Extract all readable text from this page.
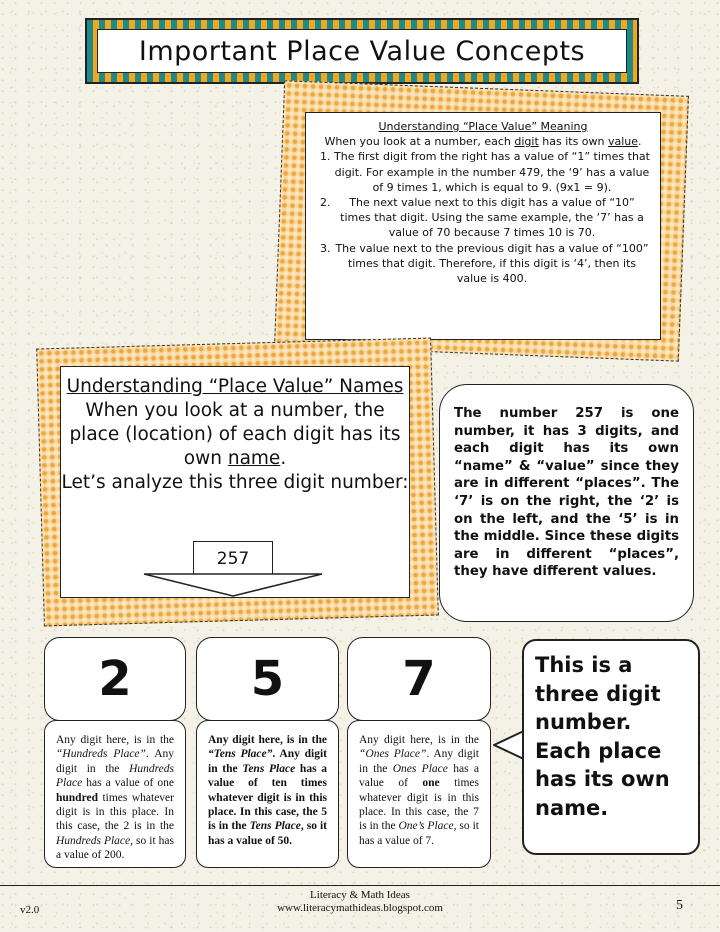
Important Place Value Concepts
Understanding “Place Value” Meaning
When you look at a number, each digit has its own value.
1. The first digit from the right has a value of “1” times that digit. For example in the number 479, the ‘9’ has a value of 9 times 1, which is equal to 9. (9x1 = 9).
2. The next value next to this digit has a value of “10” times that digit. Using the same example, the ‘7’ has a value of 70 because 7 times 10 is 70.
3. The value next to the previous digit has a value of “100” times that digit. Therefore, if this digit is ‘4’, then its value is 400.
Understanding “Place Value” Names
When you look at a number, the place (location) of each digit has its own name.
Let’s analyze this three digit number:
257
The number 257 is one number, it has 3 digits, and each digit has its own “name” & “value” since they are in different “places”. The ‘7’ is on the right, the ‘2’ is on the left, and the ‘5’ is in the middle. Since these digits are in different “places”, they have different values.
2	5	7
Any digit here, is in the “Hundreds Place”. Any digit in the Hundreds Place has a value of one hundred times whatever digit is in this place. In this case, the 2 is in the Hundreds Place, so it has a value of 200.
Any digit here, is in the “Tens Place”. Any digit in the Tens Place has a value of ten times whatever digit is in this place. In this case, the 5 is in the Tens Place, so it has a value of 50.
Any digit here, is in the “Ones Place”. Any digit in the Ones Place has a value of one times whatever digit is in this place. In this case, the 7 is in the One’s Place, so it has a value of 7.
This is a three digit number. Each place has its own name.
Literacy & Math Ideas
www.literacymathideas.blogspot.com
v2.0	5
